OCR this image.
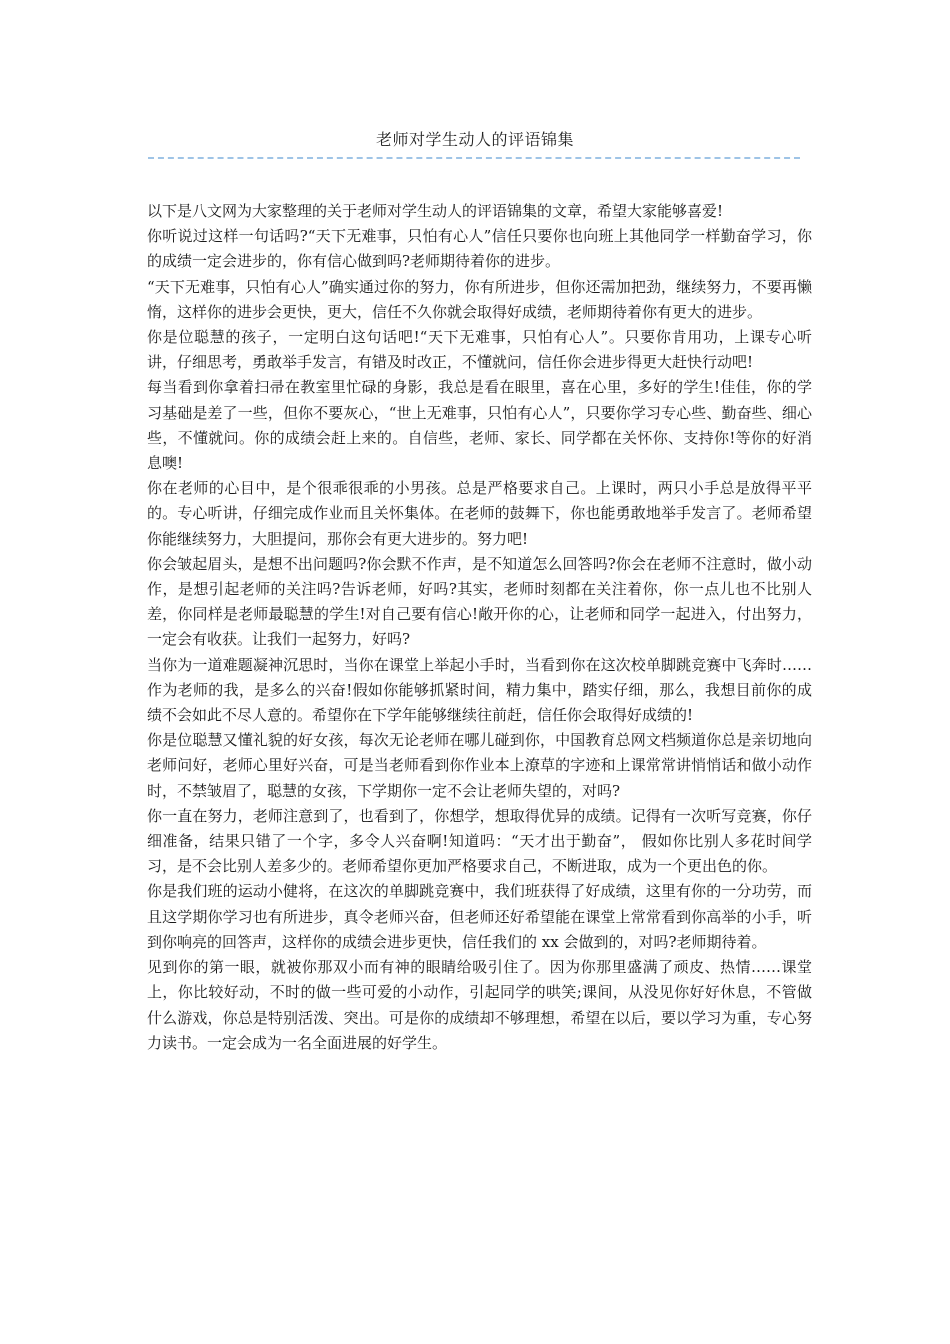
老师对学生动人的评语锦集

以下是八文网为大家整理的关于老师对学生动人的评语锦集的文章，希望大家能够喜爱!

你听说过这样一句话吗?“天下无难事，只怕有心人”信任只要你也向班上其他同学一样勤奋学习，你的成绩一定会进步的，你有信心做到吗?老师期待着你的进步。

“天下无难事，只怕有心人”确实通过你的努力，你有所进步，但你还需加把劲，继续努力，不要再懒惰，这样你的进步会更快，更大，信任不久你就会取得好成绩，老师期待着你有更大的进步。

你是位聪慧的孩子，一定明白这句话吧!“天下无难事，只怕有心人”。只要你肯用功，上课专心听讲，仔细思考，勇敢举手发言，有错及时改正，不懂就问，信任你会进步得更大赶快行动吧!

每当看到你拿着扫帚在教室里忙碌的身影，我总是看在眼里，喜在心里，多好的学生!佳佳，你的学习基础是差了一些，但你不要灰心，“世上无难事，只怕有心人”，只要你学习专心些、勤奋些、细心些，不懂就问。你的成绩会赶上来的。自信些，老师、家长、同学都在关怀你、支持你!等你的好消息噢!

你在老师的心目中，是个很乖很乖的小男孩。总是严格要求自己。上课时，两只小手总是放得平平的。专心听讲，仔细完成作业而且关怀集体。在老师的鼓舞下，你也能勇敢地举手发言了。老师希望你能继续努力，大胆提问，那你会有更大进步的。努力吧!

你会皱起眉头，是想不出问题吗?你会默不作声，是不知道怎么回答吗?你会在老师不注意时，做小动作，是想引起老师的关注吗?告诉老师，好吗?其实，老师时刻都在关注着你，你一点儿也不比别人差，你同样是老师最聪慧的学生!对自己要有信心!敞开你的心，让老师和同学一起进入，付出努力，一定会有收获。让我们一起努力，好吗?

当你为一道难题凝神沉思时，当你在课堂上举起小手时，当看到你在这次校单脚跳竞赛中飞奔时……作为老师的我，是多么的兴奋!假如你能够抓紧时间，精力集中，踏实仔细，那么，我想目前你的成绩不会如此不尽人意的。希望你在下学年能够继续往前赶，信任你会取得好成绩的!

你是位聪慧又懂礼貌的好女孩，每次无论老师在哪儿碰到你，中国教育总网文档频道你总是亲切地向老师问好，老师心里好兴奋，可是当老师看到你作业本上潦草的字迹和上课常常讲悄悄话和做小动作时，不禁皱眉了，聪慧的女孩，下学期你一定不会让老师失望的，对吗?

你一直在努力，老师注意到了，也看到了，你想学，想取得优异的成绩。记得有一次听写竞赛，你仔细准备，结果只错了一个字，多令人兴奋啊!知道吗：“天才出于勤奋”， 假如你比别人多花时间学习，是不会比别人差多少的。老师希望你更加严格要求自己，不断进取，成为一个更出色的你。

你是我们班的运动小健将，在这次的单脚跳竞赛中，我们班获得了好成绩，这里有你的一分功劳，而且这学期你学习也有所进步，真令老师兴奋，但老师还好希望能在课堂上常常看到你高举的小手，听到你响亮的回答声，这样你的成绩会进步更快，信任我们的 xx 会做到的，对吗?老师期待着。

见到你的第一眼，就被你那双小而有神的眼睛给吸引住了。因为你那里盛满了顽皮、热情……课堂上，你比较好动，不时的做一些可爱的小动作，引起同学的哄笑;课间，从没见你好好休息，不管做什么游戏，你总是特别活泼、突出。可是你的成绩却不够理想，希望在以后，要以学习为重，专心努力读书。一定会成为一名全面进展的好学生。
